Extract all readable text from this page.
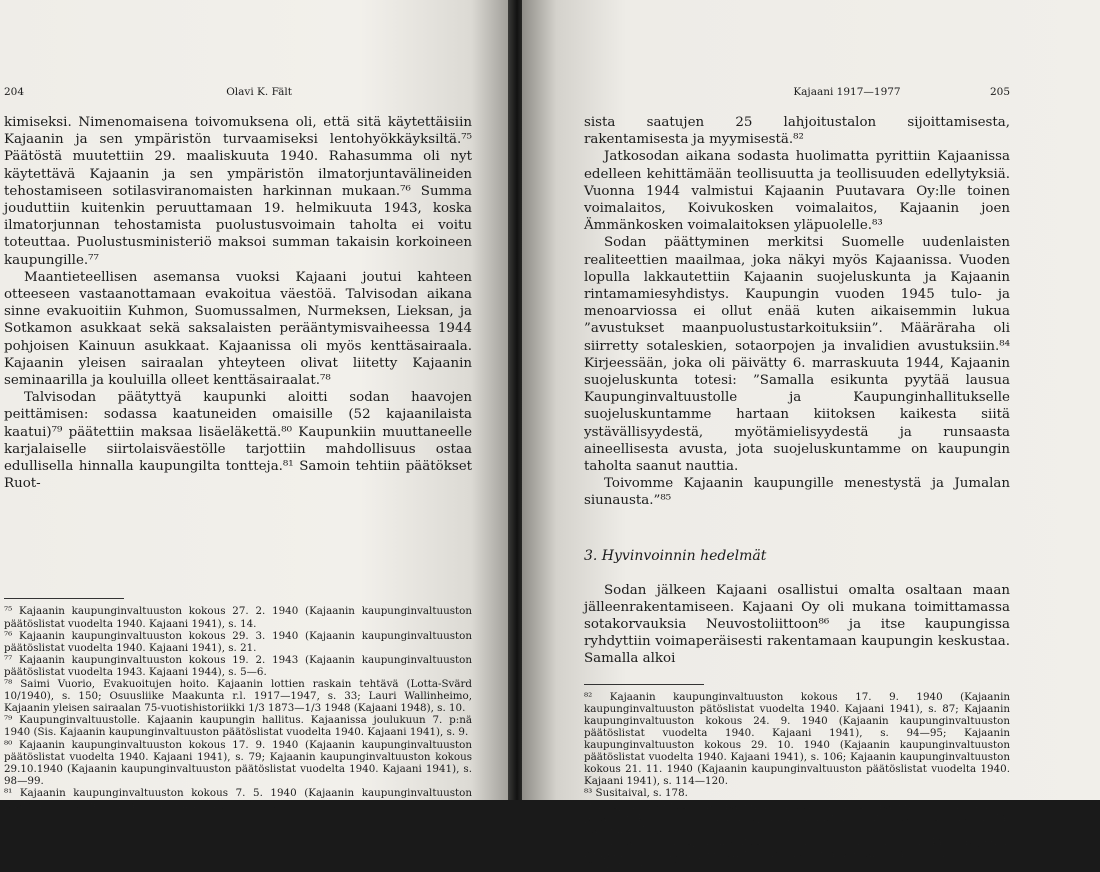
204	Olavi K. Fält

kimiseksi. Nimenomaisena toivomuksena oli, että sitä käytettäisiin Kajaanin ja sen ympäristön turvaamiseksi lentohyökkäyksiltä.⁷⁵ Päätöstä muutettiin 29. maaliskuuta 1940. Rahasumma oli nyt käytettävä Kajaanin ja sen ympäristön ilmatorjuntavälineiden tehostamiseen sotilasviranomaisten harkinnan mukaan.⁷⁶ Summa jouduttiin kuitenkin peruuttamaan 19. helmikuuta 1943, koska ilmatorjunnan tehostamista puolustusvoimain taholta ei voitu toteuttaa. Puolustusministeriö maksoi summan takaisin korkoineen kaupungille.⁷⁷

Maantieteellisen asemansa vuoksi Kajaani joutui kahteen otteeseen vastaanottamaan evakoitua väestöä. Talvisodan aikana sinne evakuoitiin Kuhmon, Suomussalmen, Nurmeksen, Lieksan, ja Sotkamon asukkaat sekä saksalaisten perääntymisvaiheessa 1944 pohjoisen Kainuun asukkaat. Kajaanissa oli myös kenttäsairaala. Kajaanin yleisen sairaalan yhteyteen olivat liitetty Kajaanin seminaarilla ja kouluilla olleet kenttäsairaalat.⁷⁸

Talvisodan päätyttyä kaupunki aloitti sodan haavojen peittämisen: sodassa kaatuneiden omaisille (52 kajaanilaista kaatui)⁷⁹ päätettiin maksaa lisäeläkettä.⁸⁰ Kaupunkiin muuttaneelle karjalaiselle siirtolaisväestölle tarjottiin mahdollisuus ostaa edullisella hinnalla kaupungilta tontteja.⁸¹ Samoin tehtiin päätökset Ruot-

⁷⁵ Kajaanin kaupunginvaltuuston kokous 27. 2. 1940 (Kajaanin kaupunginvaltuuston päätöslistat vuodelta 1940. Kajaani 1941), s. 14.

⁷⁶ Kajaanin kaupunginvaltuuston kokous 29. 3. 1940 (Kajaanin kaupunginvaltuuston päätöslistat vuodelta 1940. Kajaani 1941), s. 21.

⁷⁷ Kajaanin kaupunginvaltuuston kokous 19. 2. 1943 (Kajaanin kaupunginvaltuuston päätöslistat vuodelta 1943. Kajaani 1944), s. 5—6.

⁷⁸ Saimi Vuorio, Evakuoitujen hoito. Kajaanin lottien raskain tehtävä (Lotta-Svärd 10/1940), s. 150; Osuusliike Maakunta r.l. 1917—1947, s. 33; Lauri Wallinheimo, Kajaanin yleisen sairaalan 75-vuotishistoriikki 1/3 1873—1/3 1948 (Kajaani 1948), s. 10.

⁷⁹ Kaupunginvaltuustolle. Kajaanin kaupungin hallitus. Kajaanissa joulukuun 7. p:nä 1940 (Sis. Kajaanin kaupunginvaltuuston päätöslistat vuodelta 1940. Kajaani 1941), s. 9.

⁸⁰ Kajaanin kaupunginvaltuuston kokous 17. 9. 1940 (Kajaanin kaupunginvaltuuston päätöslistat vuodelta 1940. Kajaani 1941), s. 79; Kajaanin kaupunginvaltuuston kokous 29.10.1940 (Kajaanin kaupunginvaltuuston päätöslistat vuodelta 1940. Kajaani 1941), s. 98—99.

⁸¹ Kajaanin kaupunginvaltuuston kokous 7. 5. 1940 (Kajaanin kaupunginvaltuuston päätöslistat vuodelta 1940. Kajaani 1941), s. 28—30.

Kajaani 1917—1977	205

sista saatujen 25 lahjoitustalon sijoittamisesta, rakentamisesta ja myymisestä.⁸²

Jatkosodan aikana sodasta huolimatta pyrittiin Kajaanissa edelleen kehittämään teollisuutta ja teollisuuden edellytyksiä. Vuonna 1944 valmistui Kajaanin Puutavara Oy:lle toinen voimalaitos, Koivukosken voimalaitos, Kajaanin joen Ämmänkosken voimalaitoksen yläpuolelle.⁸³

Sodan päättyminen merkitsi Suomelle uudenlaisten realiteettien maailmaa, joka näkyi myös Kajaanissa. Vuoden lopulla lakkautettiin Kajaanin suojeluskunta ja Kajaanin rintamamiesyhdistys. Kaupungin vuoden 1945 tulo- ja menoarviossa ei ollut enää kuten aikaisemmin lukua ”avustukset maanpuolustustarkoituksiin”. Määräraha oli siirretty sotaleskien, sotaorpojen ja invalidien avustuksiin.⁸⁴ Kirjeessään, joka oli päivätty 6. marraskuuta 1944, Kajaanin suojeluskunta totesi: ”Samalla esikunta pyytää lausua Kaupunginvaltuustolle ja Kaupunginhallitukselle suojeluskuntamme hartaan kiitoksen kaikesta siitä ystävällisyydestä, myötämielisyydestä ja runsaasta aineellisesta avusta, jota suojeluskuntamme on kaupungin taholta saanut nauttia.

Toivomme Kajaanin kaupungille menestystä ja Jumalan siunausta.”⁸⁵

3. Hyvinvoinnin hedelmät

Sodan jälkeen Kajaani osallistui omalta osaltaan maan jälleenrakentamiseen. Kajaani Oy oli mukana toimittamassa sotakorvauksia Neuvostoliittoon⁸⁶ ja itse kaupungissa ryhdyttiin voimaperäisesti rakentamaan kaupungin keskustaa. Samalla alkoi

⁸² Kajaanin kaupunginvaltuuston kokous 17. 9. 1940 (Kajaanin kaupunginvaltuuston pätöslistat vuodelta 1940. Kajaani 1941), s. 87; Kajaanin kaupunginvaltuuston kokous 24. 9. 1940 (Kajaanin kaupunginvaltuuston päätöslistat vuodelta 1940. Kajaani 1941), s. 94—95; Kajaanin kaupunginvaltuuston kokous 29. 10. 1940 (Kajaanin kaupunginvaltuuston päätöslistat vuodelta 1940. Kajaani 1941), s. 106; Kajaanin kaupunginvaltuuston kokous 21. 11. 1940 (Kajaanin kaupunginvaltuuston päätöslistat vuodelta 1940. Kajaani 1941), s. 114—120.

⁸³ Susitaival, s. 178.

⁸⁴ Kaupunginvaltuustolle. Kajaanin kaupunginhallitus. Kajaanissa joulukuun 18 p:nä 1944 (Sis. Kajaanin kaupunginvaltuuston päätöslistat vuodelta 1944. Kajaani 1945), s. 7.

⁸⁵ Kajaanin kaupunginvaltuuston kokous 1. 12. 1944 (Kajaanin kaupunginvaltuuston päätöslistat vuodelta 1944. Kajaani 1945), .s 61.

⁸⁶ Susitaival, s. 183.
